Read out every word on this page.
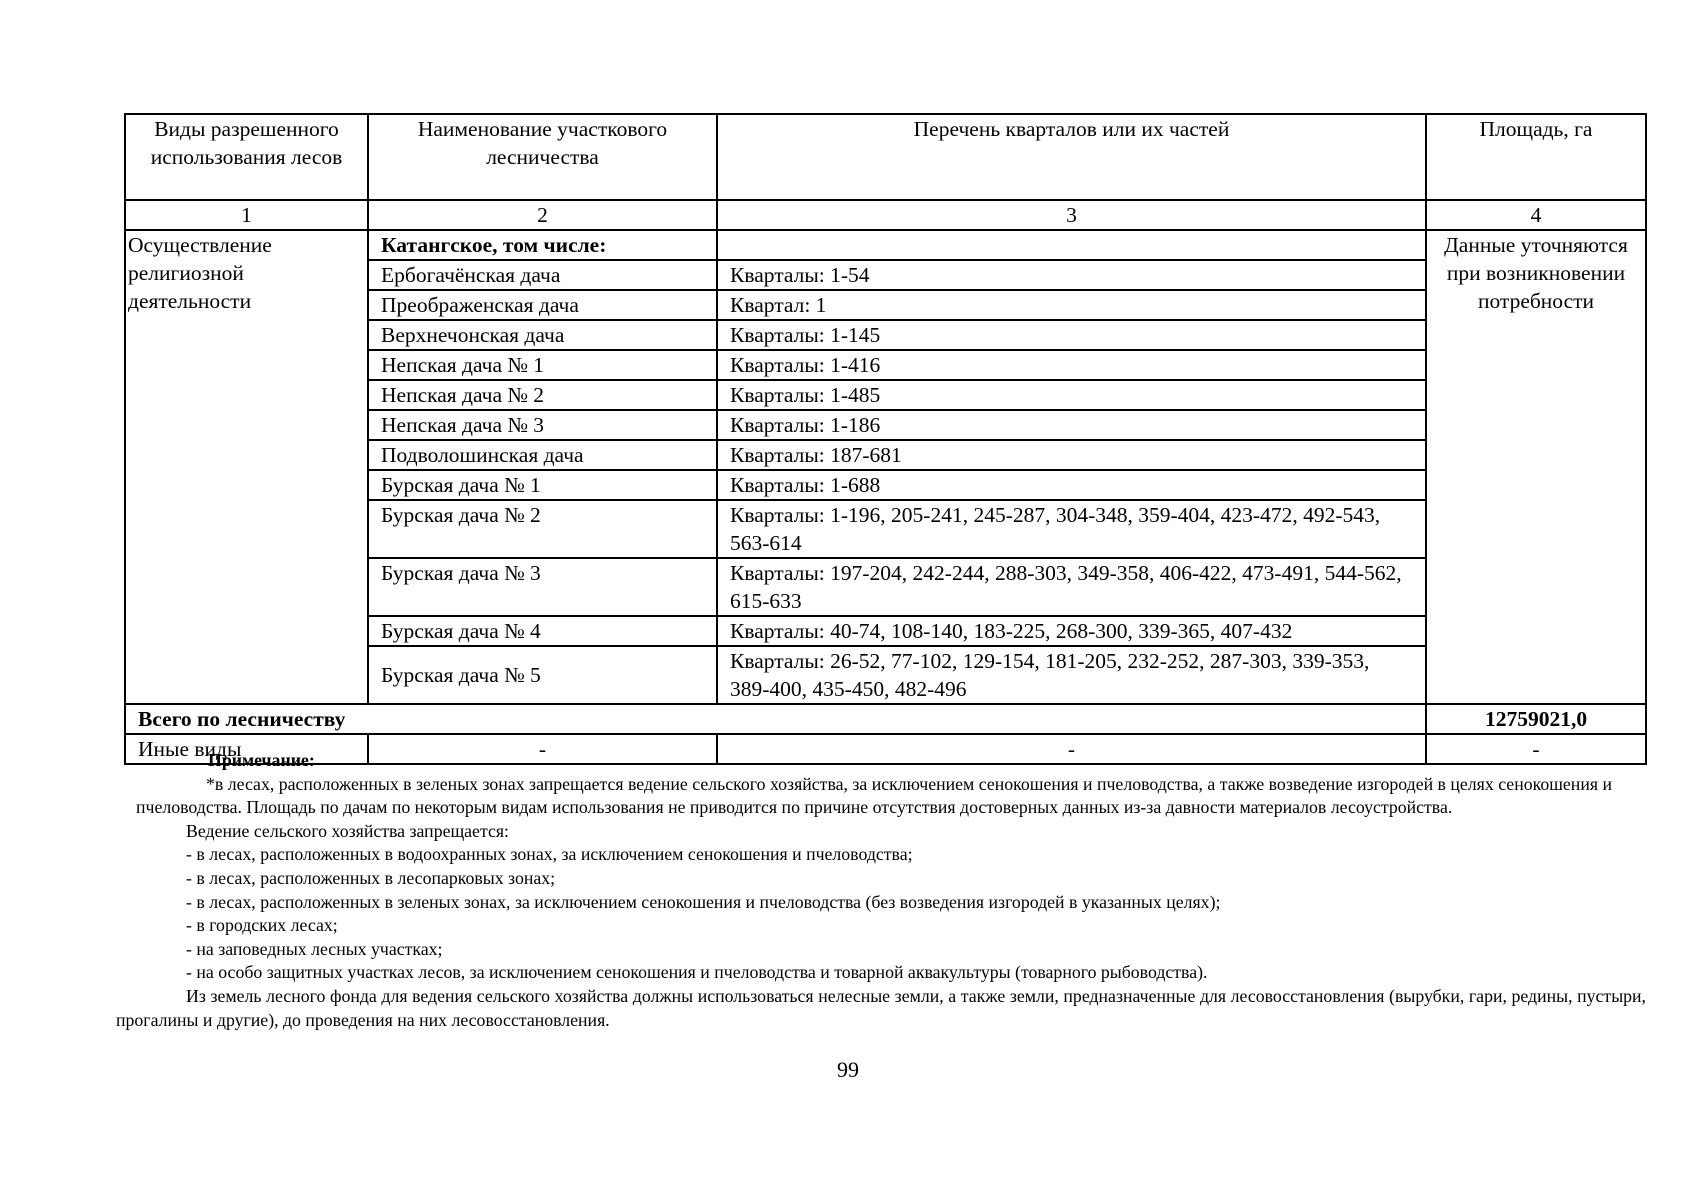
Виды разрешенного использования лесов	Наименование участкового лесничества	Перечень кварталов или их частей	Площадь, га
1	2	3	4
Осуществление религиозной деятельности	Катангское, том числе:		Данные уточняются при возникновении потребности
	Ербогачёнская дача	Кварталы: 1-54	
	Преображенская дача	Квартал: 1	
	Верхнечонская дача	Кварталы: 1-145	
	Непская дача № 1	Кварталы: 1-416	
	Непская дача № 2	Кварталы: 1-485	
	Непская дача № 3	Кварталы: 1-186	
	Подволошинская дача	Кварталы: 187-681	
	Бурская дача № 1	Кварталы: 1-688	
	Бурская дача № 2	Кварталы: 1-196, 205-241, 245-287, 304-348, 359-404, 423-472, 492-543, 563-614	
	Бурская дача № 3	Кварталы: 197-204, 242-244, 288-303, 349-358, 406-422, 473-491, 544-562, 615-633	
	Бурская дача № 4	Кварталы: 40-74, 108-140, 183-225, 268-300, 339-365, 407-432	
	Бурская дача № 5	Кварталы: 26-52, 77-102, 129-154, 181-205, 232-252, 287-303, 339-353, 389-400, 435-450, 482-496	
Всего по лесничеству			12759021,0
Иные виды	-	-	-

Примечание:

*в лесах, расположенных в зеленых зонах запрещается ведение сельского хозяйства, за исключением сенокошения и пчеловодства, а также возведение изгородей в целях сенокошения и пчеловодства. Площадь по дачам по некоторым видам использования не приводится по причине отсутствия достоверных данных из-за давности материалов лесоустройства.

Ведение сельского хозяйства запрещается:

- в лесах, расположенных в водоохранных зонах, за исключением сенокошения и пчеловодства;

- в лесах, расположенных в лесопарковых зонах;

- в лесах, расположенных в зеленых зонах, за исключением сенокошения и пчеловодства (без возведения изгородей в указанных целях);

- в городских лесах;

- на заповедных лесных участках;

- на особо защитных участках лесов, за исключением сенокошения и пчеловодства и товарной аквакультуры (товарного рыбоводства).

Из земель лесного фонда для ведения сельского хозяйства должны использоваться нелесные земли, а также земли, предназначенные для лесовосстановления (вырубки, гари, редины, пустыри, прогалины и другие), до проведения на них лесовосстановления.

99
